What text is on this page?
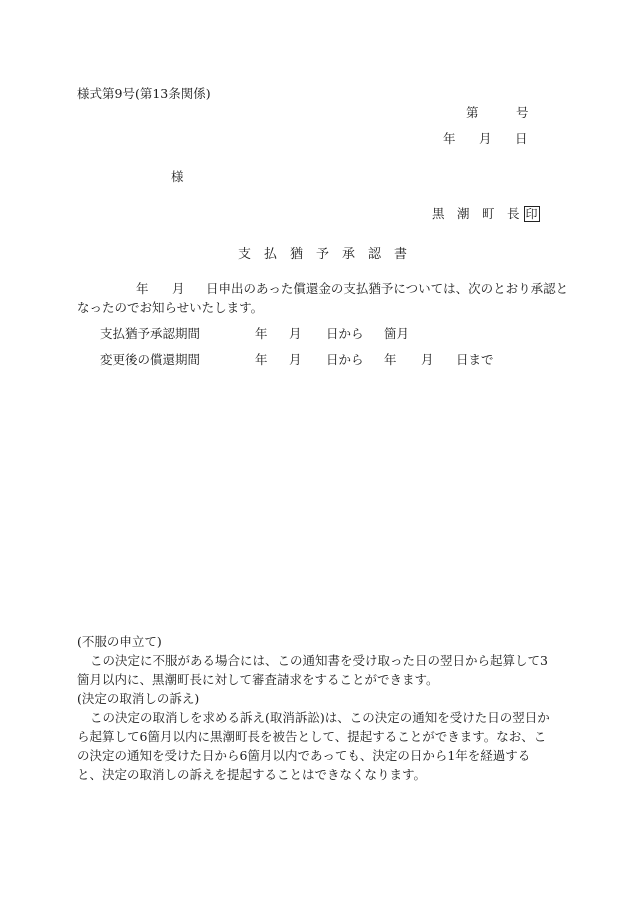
様式第9号(第13条関係)
第	号
年 月 日
様
黒　潮　町　長 印
支　払　猶　予　承　認　書
年 月 日申出のあった償還金の支払猶予については、次のとおり承認と
なったのでお知らせいたします。
支払猶予承認期間	年 月 日から 箇月
変更後の償還期間	年 月 日から 年 月 日まで
(不服の申立て)
この決定に不服がある場合には、この通知書を受け取った日の翌日から起算して3箇月以内に、黒潮町長に対して審査請求をすることができます。
(決定の取消しの訴え)
この決定の取消しを求める訴え(取消訴訟)は、この決定の通知を受けた日の翌日から起算して6箇月以内に黒潮町長を被告として、提起することができます。なお、この決定の通知を受けた日から6箇月以内であっても、決定の日から1年を経過すると、決定の取消しの訴えを提起することはできなくなります。
